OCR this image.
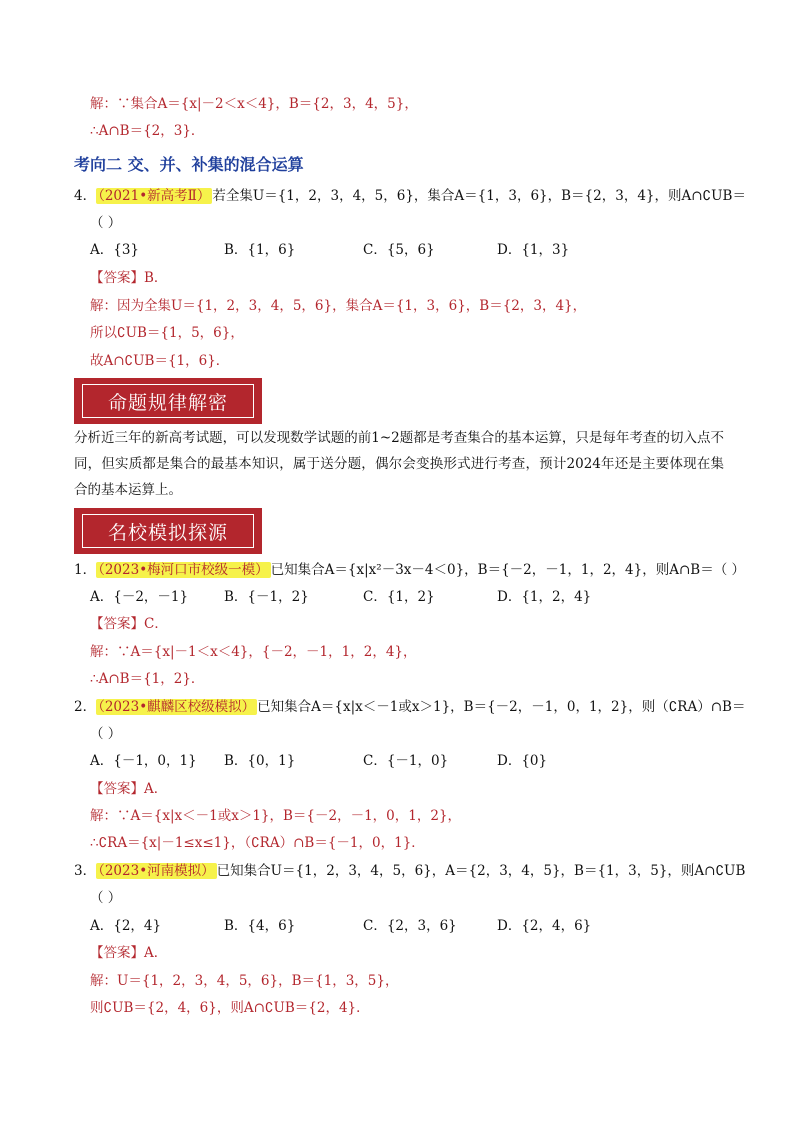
解：∵集合A＝{x|－2＜x＜4}，B＝{2，3，4，5}，
∴A∩B＝{2，3}．
考向二 交、并、补集的混合运算
4． （2021•新高考Ⅱ） 若全集U＝{1，2，3，4，5，6}，集合A＝{1，3，6}，B＝{2，3，4}，则A∩∁UB＝
（ ）
A．{3}	B．{1，6}	C．{5，6}	D．{1，3}
【答案】B．
解：因为全集U＝{1，2，3，4，5，6}，集合A＝{1，3，6}，B＝{2，3，4}，
所以∁UB＝{1，5，6}，
故A∩∁UB＝{1，6}．
命题规律解密
分析近三年的新高考试题，可以发现数学试题的前1~2题都是考查集合的基本运算，只是每年考查的切入点不同，但实质都是集合的最基本知识，属于送分题，偶尔会变换形式进行考查，预计2024年还是主要体现在集合的基本运算上。
名校模拟探源
1． （2023•梅河口市校级一模） 已知集合A＝{x|x²－3x－4＜0}，B＝{－2，－1，1，2，4}，则A∩B＝（ ）
A．{－2，－1}	B．{－1，2}	C．{1，2}	D．{1，2，4}
【答案】C．
解：∵A＝{x|－1＜x＜4}，{－2，－1，1，2，4}，
∴A∩B＝{1，2}．
2． （2023•麒麟区校级模拟） 已知集合A＝{x|x＜－1或x＞1}，B＝{－2，－1，0，1，2}，则（∁RA）∩B＝
（ ）
A．{－1，0，1} B．{0，1}	C．{－1，0}	D．{0}
【答案】A．
解：∵A＝{x|x＜－1或x＞1}，B＝{－2，－1，0，1，2}，
∴∁RA＝{x|－1≤x≤1}，（∁RA）∩B＝{－1，0，1}．
3． （2023•河南模拟） 已知集合U＝{1，2，3，4，5，6}，A＝{2，3，4，5}，B＝{1，3，5}，则A∩∁UB
（ ）
A．{2，4}	B．{4，6}	C．{2，3，6}	D．{2，4，6}
【答案】A．
解：U＝{1，2，3，4，5，6}，B＝{1，3，5}，
则∁UB＝{2，4，6}，则A∩∁UB＝{2，4}．
